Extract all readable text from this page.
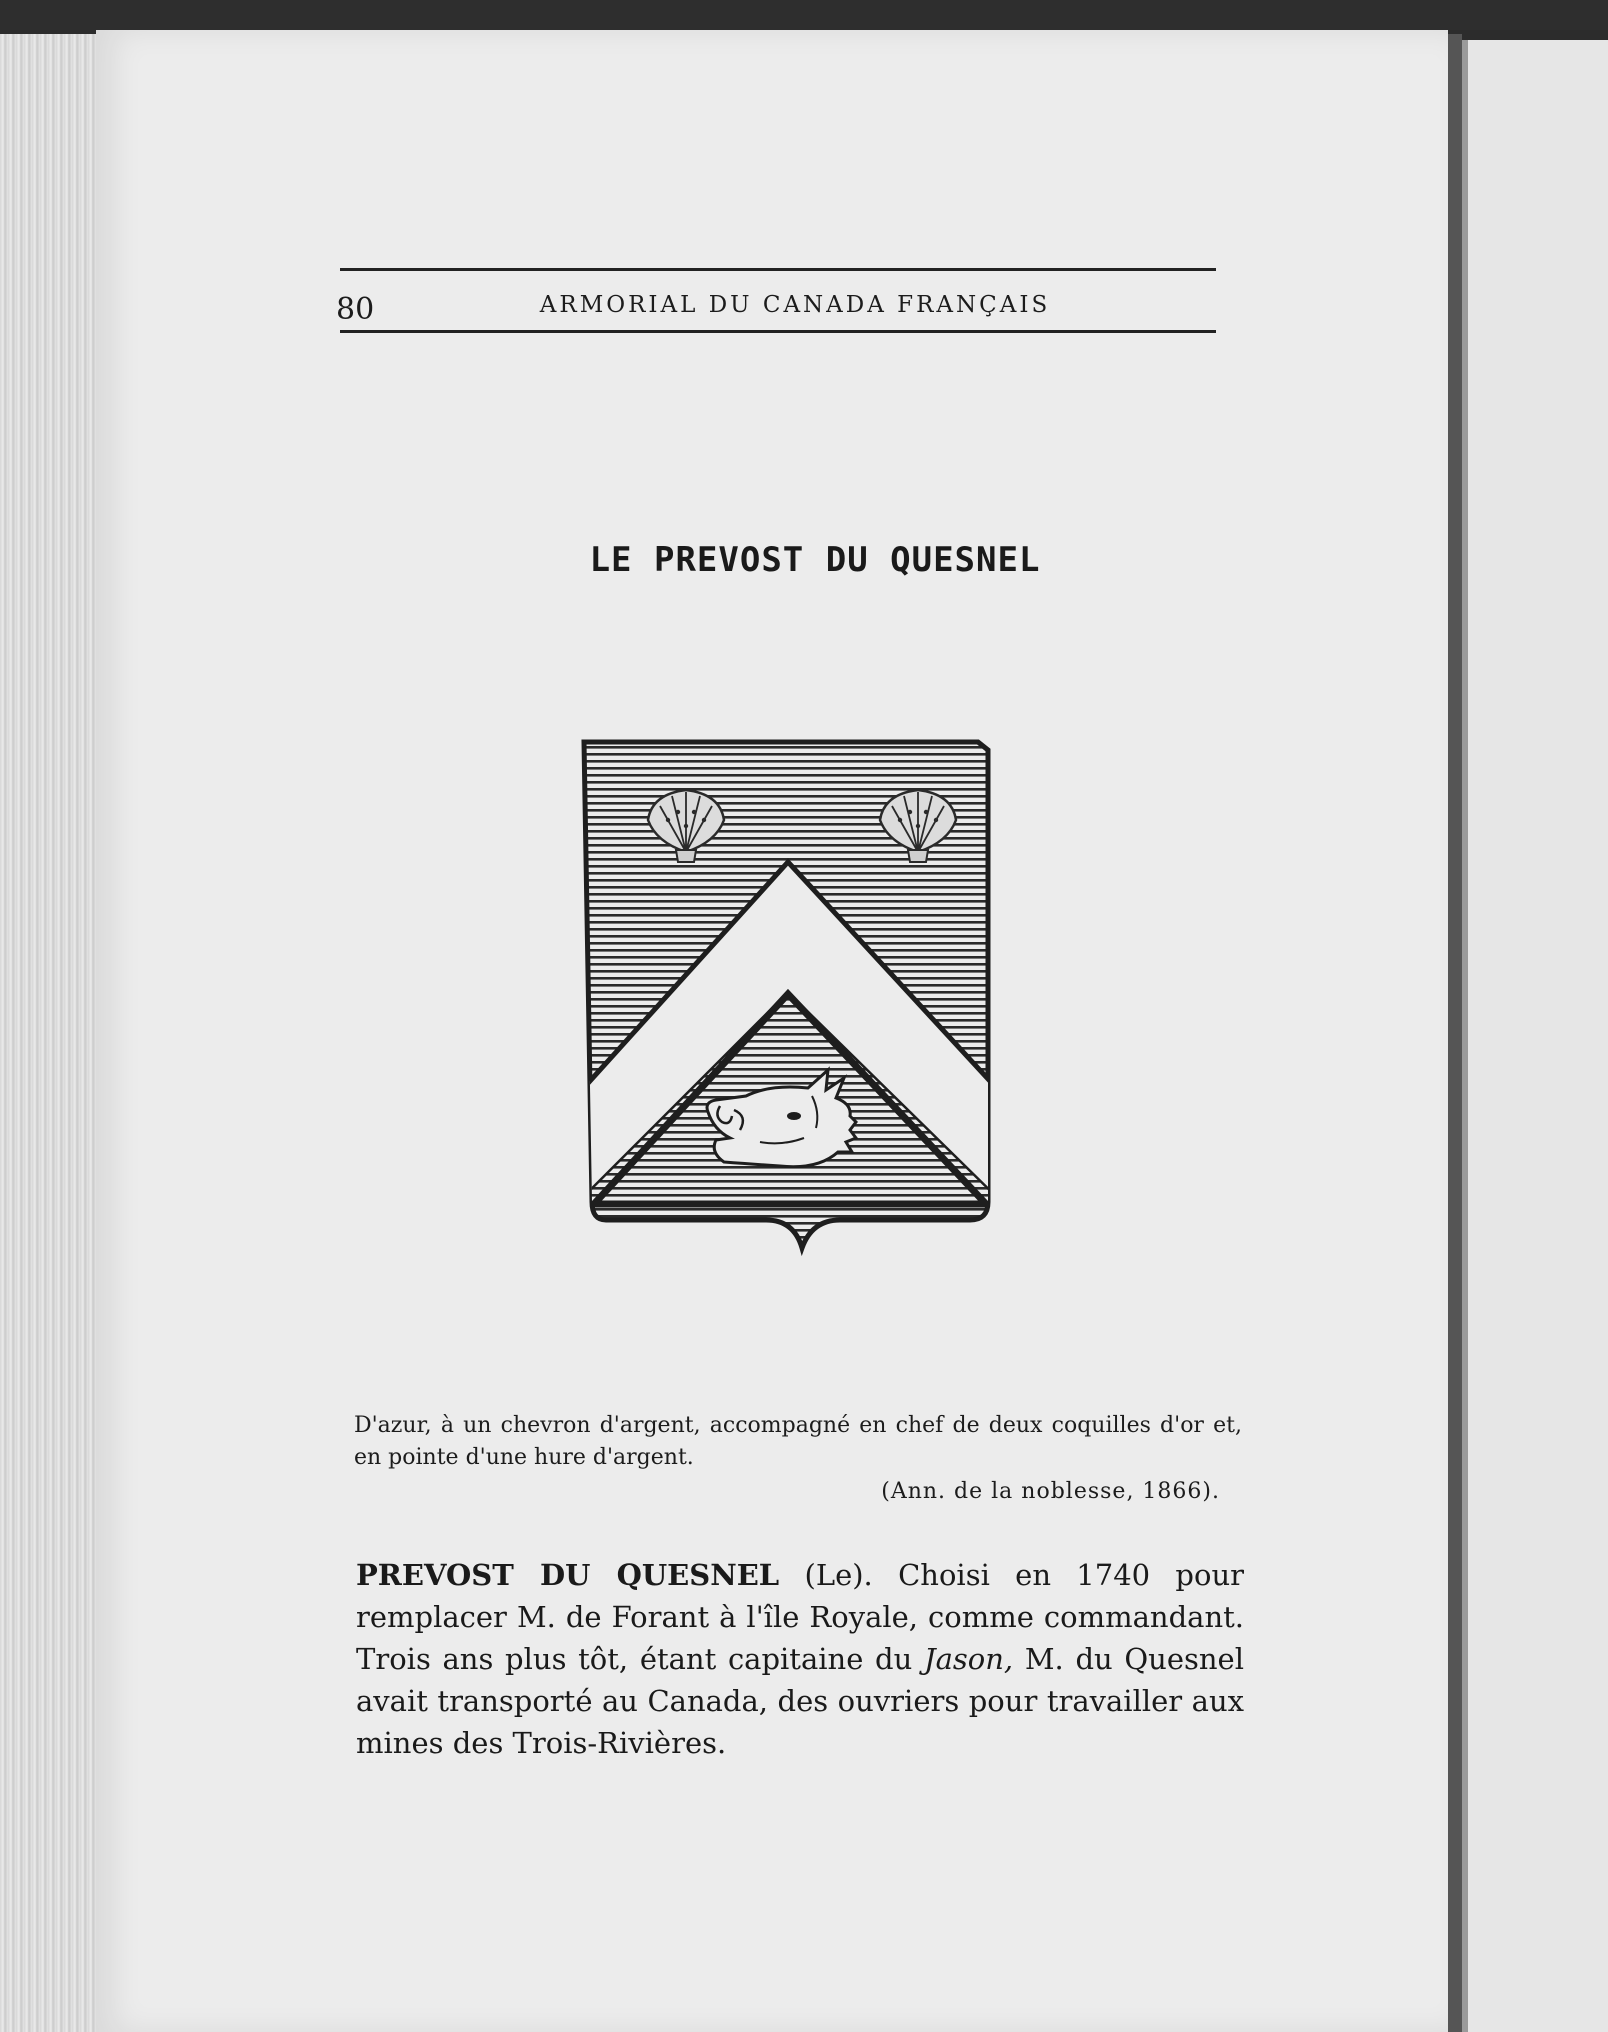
80	ARMORIAL DU CANADA FRANÇAIS
LE PREVOST DU QUESNEL
D'azur, à un chevron d'argent, accompagné en chef de deux coquilles d'or et, en pointe d'une hure d'argent.
(Ann. de la noblesse, 1866).
PREVOST DU QUESNEL (Le). Choisi en 1740 pour remplacer M. de Forant à l'île Royale, comme commandant. Trois ans plus tôt, étant capitaine du Jason, M. du Quesnel avait transporté au Canada, des ouvriers pour travailler aux mines des Trois-Rivières.
